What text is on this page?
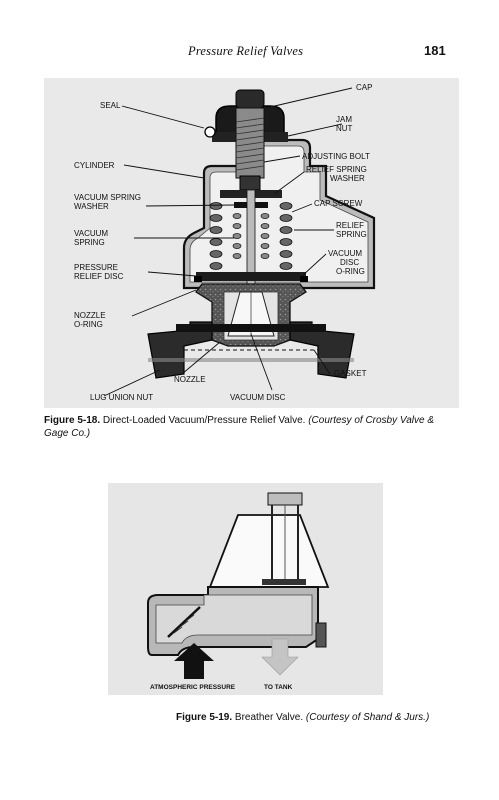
Pressure Relief Valves	181
CAP
SEAL
JAM
NUT
ADJUSTING BOLT
CYLINDER	RELIEF SPRING
WASHER
VACUUM SPRING
WASHER	CAP SCREW
RELIEF
SPRING
VACUUM
SPRING
VACUUM
DISC
O-RING
PRESSURE
RELIEF DISC
NOZZLE
O-RING
GASKET
NOZZLE
LUG UNION NUT	VACUUM DISC
Figure 5-18. Direct-Loaded Vacuum/Pressure Relief Valve. (Courtesy of Crosby Valve & Gage Co.)
ATMOSPHERIC PRESSURE	TO TANK
Figure 5-19. Breather Valve. (Courtesy of Shand & Jurs.)
